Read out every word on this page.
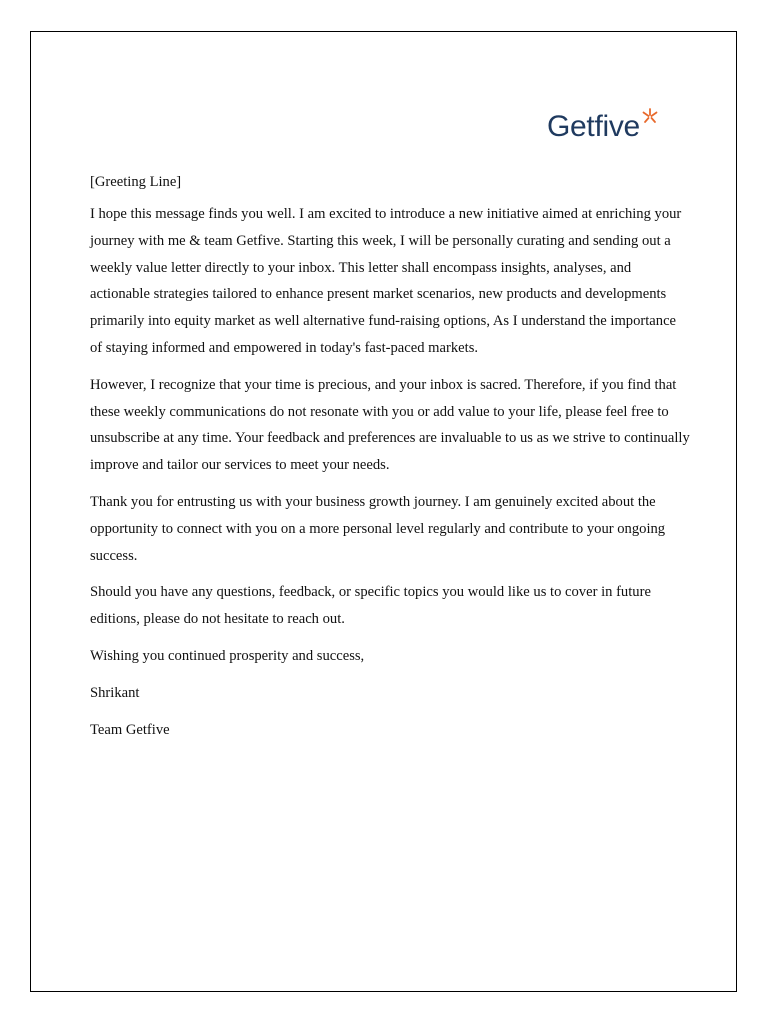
Getfive

[Greeting Line]

I hope this message finds you well. I am excited to introduce a new initiative aimed at enriching your journey with me & team Getfive. Starting this week, I will be personally curating and sending out a weekly value letter directly to your inbox. This letter shall encompass insights, analyses, and actionable strategies tailored to enhance present market scenarios, new products and developments primarily into equity market as well alternative fund-raising options, As I understand the importance of staying informed and empowered in today's fast-paced markets.

However, I recognize that your time is precious, and your inbox is sacred. Therefore, if you find that these weekly communications do not resonate with you or add value to your life, please feel free to unsubscribe at any time. Your feedback and preferences are invaluable to us as we strive to continually improve and tailor our services to meet your needs.

Thank you for entrusting us with your business growth journey. I am genuinely excited about the opportunity to connect with you on a more personal level regularly and contribute to your ongoing success.

Should you have any questions, feedback, or specific topics you would like us to cover in future editions, please do not hesitate to reach out.

Wishing you continued prosperity and success,

Shrikant

Team Getfive
